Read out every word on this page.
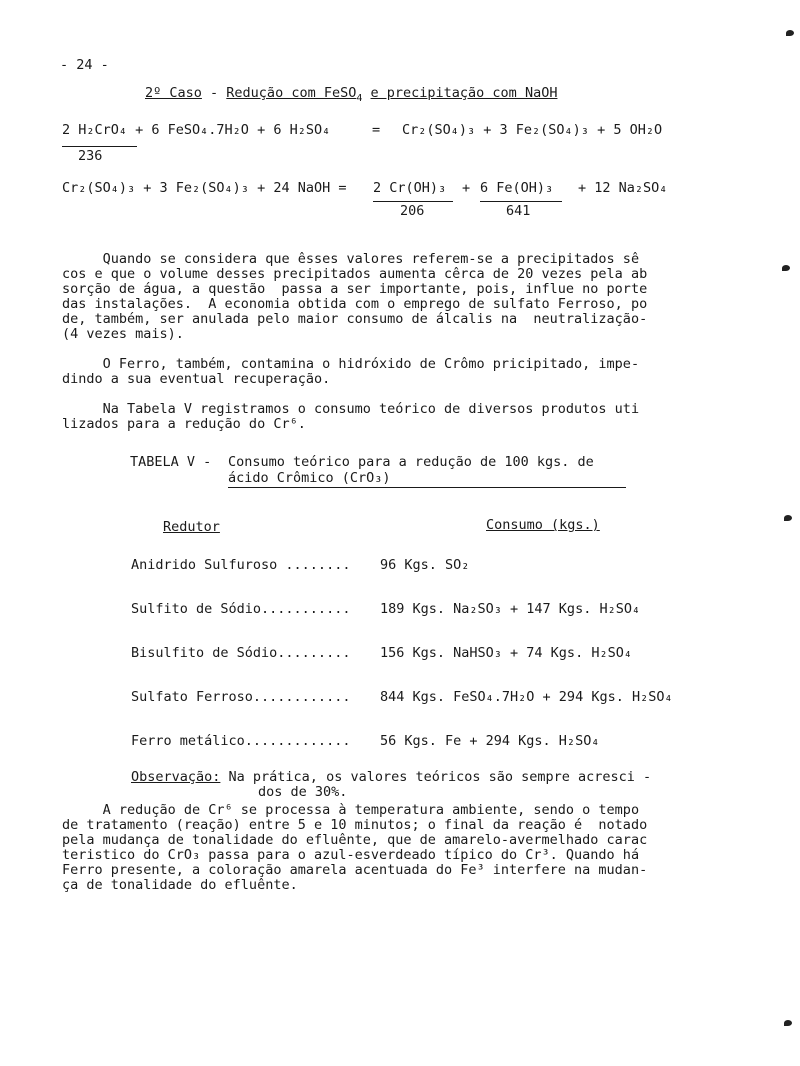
- 24 -
2º Caso - Redução com FeSO$_4$ e precipitação com NaOH
2 H₂CrO₄ + 6 FeSO₄.7H₂O + 6 H₂SO₄	= Cr₂(SO₄)₃ + 3 Fe₂(SO₄)₃ + 5 OH₂O
236
Cr₂(SO₄)₃ + 3 Fe₂(SO₄)₃ + 24 NaOH = 2 Cr(OH)₃ + 6 Fe(OH)₃ + 12 Na₂SO₄
206	641
Quando se considera que êsses valores referem-se a precipitados sê
cos e que o volume desses precipitados aumenta cêrca de 20 vezes pela ab
sorção de água, a questão  passa a ser importante, pois, influe no porte
das instalações.  A economia obtida com o emprego de sulfato Ferroso, po
de, também, ser anulada pelo maior consumo de álcalis na  neutralização-
(4 vezes mais).
O Ferro, também, contamina o hidróxido de Crômo pricipitado, impe-
dindo a sua eventual recuperação.
Na Tabela V registramos o consumo teórico de diversos produtos uti
lizados para a redução do Cr⁶.
TABELA V - Consumo teórico para a redução de 100 kgs. de
ácido Crômico (CrO₃)
Redutor	Consumo (kgs.)
Anidrido Sulfuroso ........ 96 Kgs. SO₂
Sulfito de Sódio........... 189 Kgs. Na₂SO₃ + 147 Kgs. H₂SO₄
Bisulfito de Sódio......... 156 Kgs. NaHSO₃ + 74 Kgs. H₂SO₄
Sulfato Ferroso............ 844 Kgs. FeSO₄.7H₂O + 294 Kgs. H₂SO₄
Ferro metálico............. 56 Kgs. Fe + 294 Kgs. H₂SO₄
Observação: Na prática, os valores teóricos são sempre acresci -
dos de 30%.
A redução de Cr⁶ se processa à temperatura ambiente, sendo o tempo
de tratamento (reação) entre 5 e 10 minutos; o final da reação é  notado
pela mudança de tonalidade do efluênte, que de amarelo-avermelhado carac
teristico do CrO₃ passa para o azul-esverdeado típico do Cr³. Quando há
Ferro presente, a coloração amarela acentuada do Fe³ interfere na mudan-
ça de tonalidade do efluênte.
